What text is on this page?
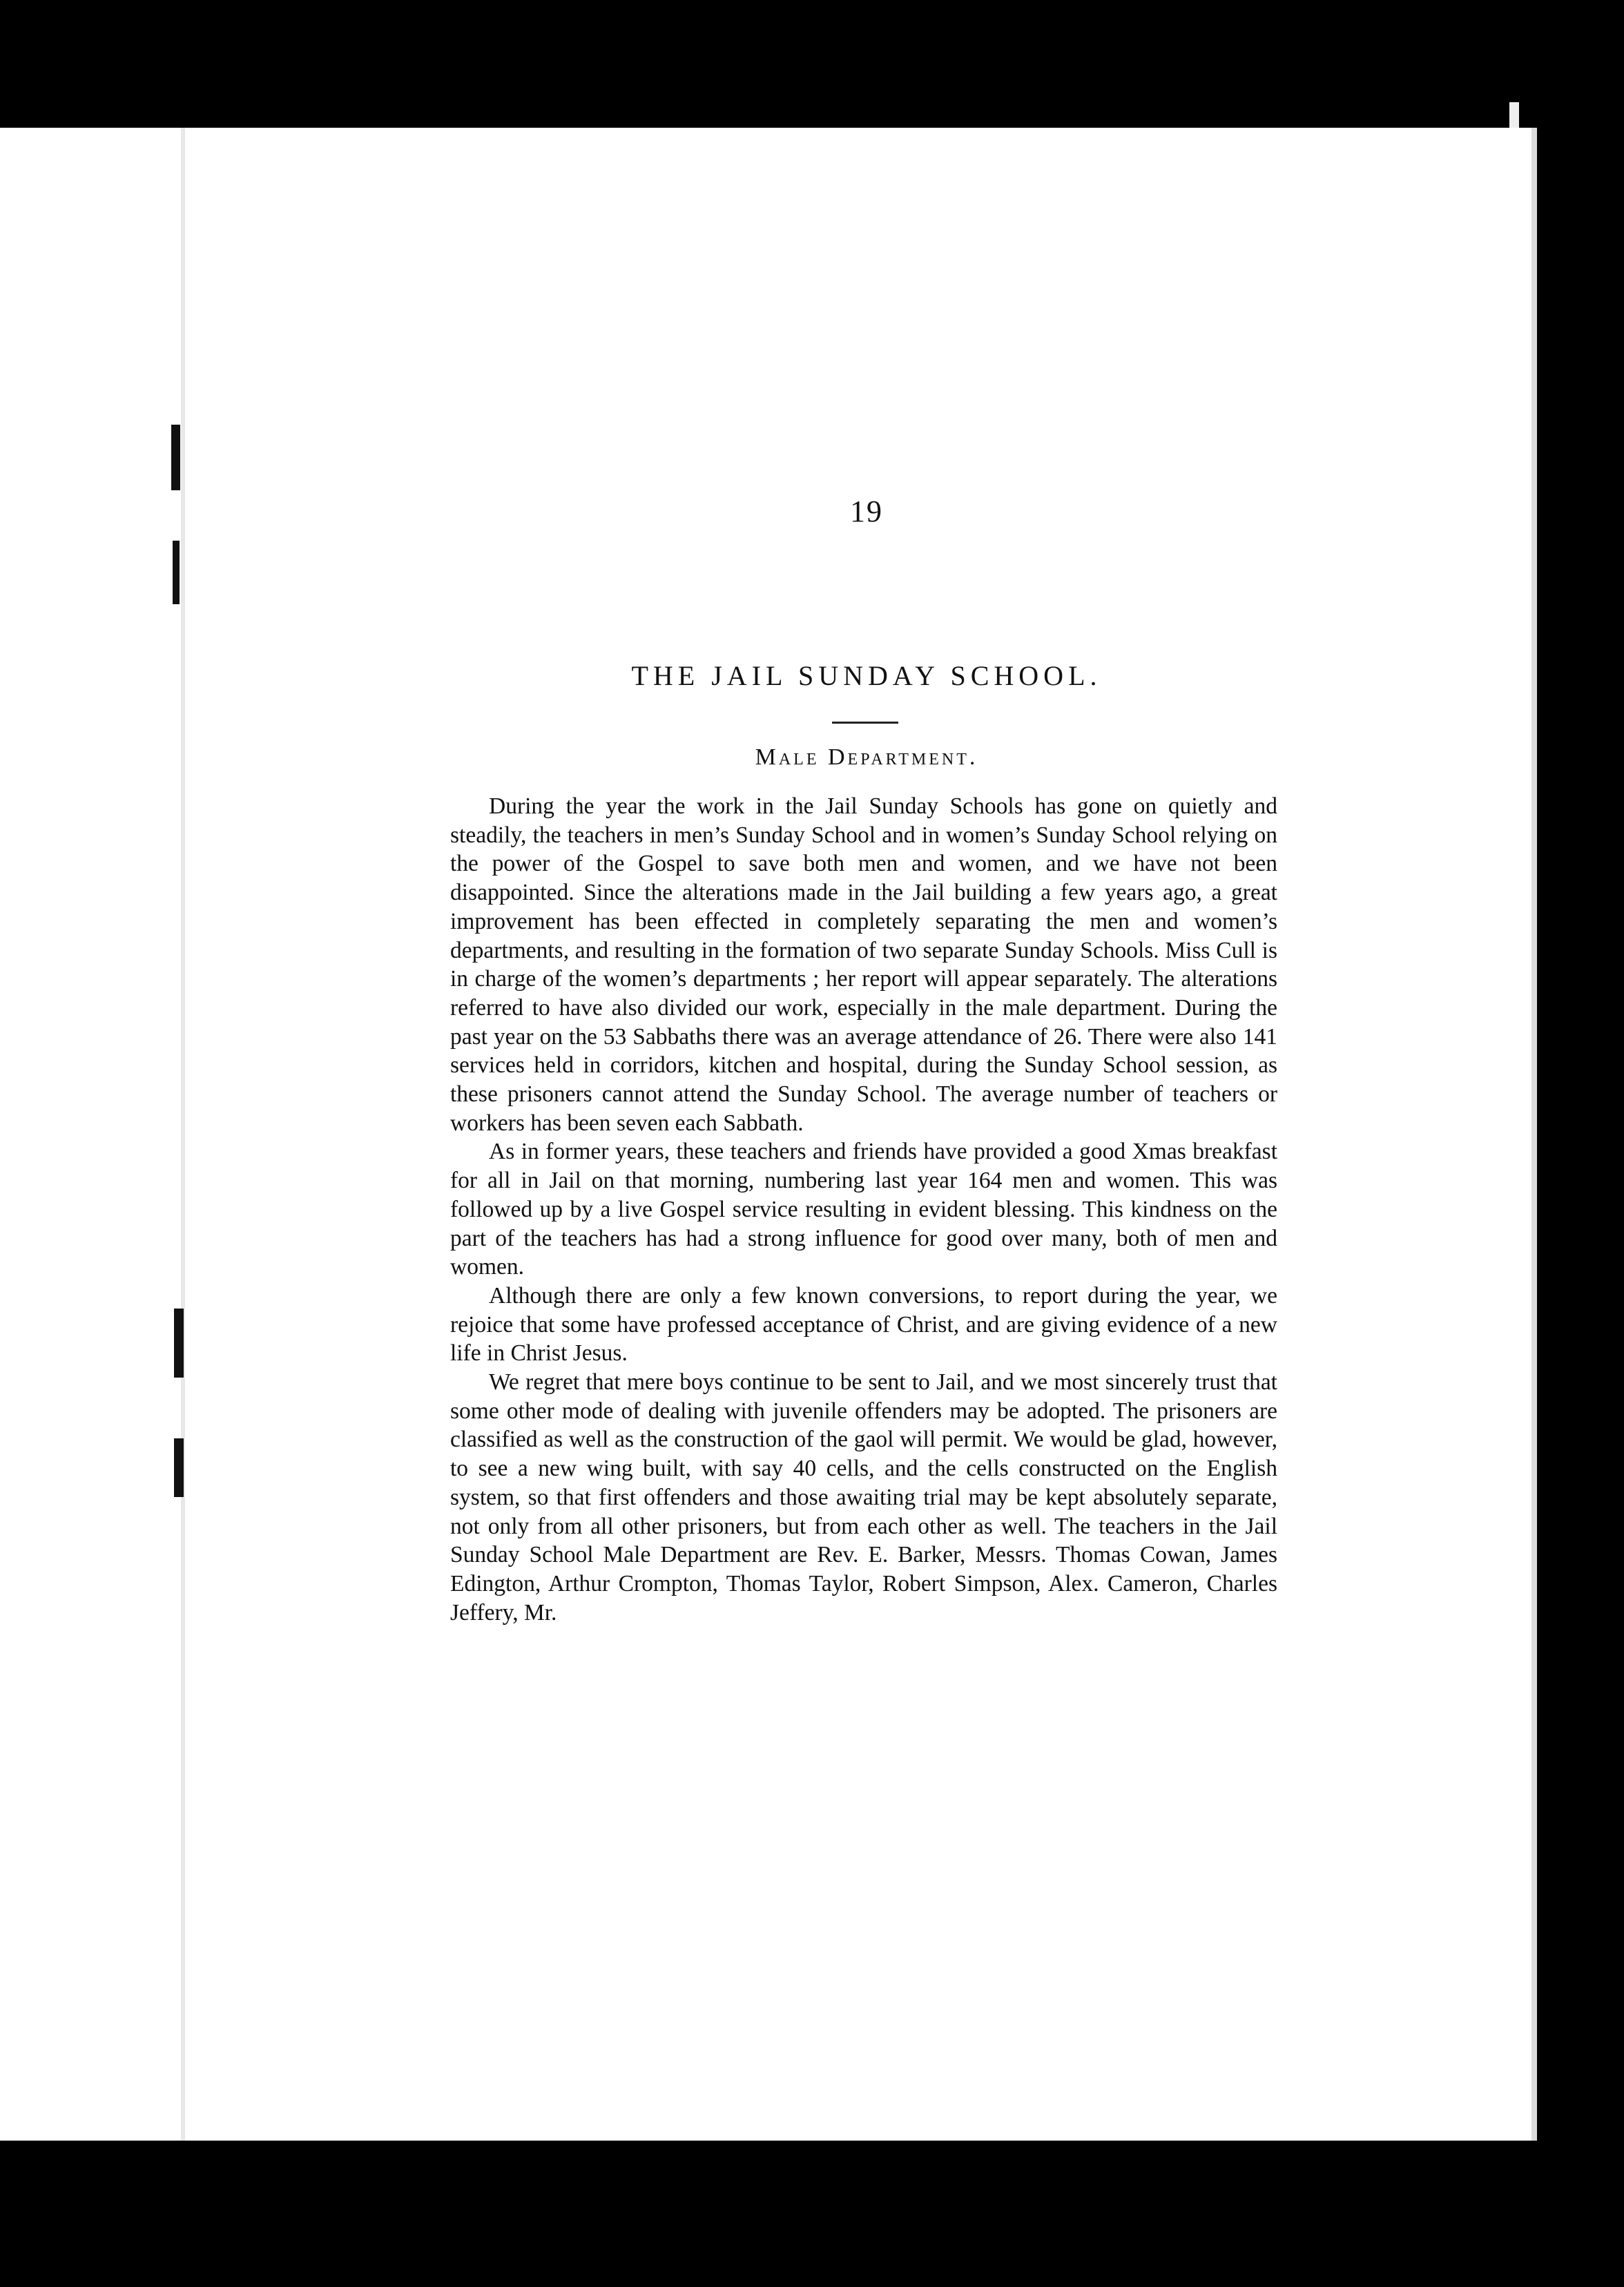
19
THE JAIL SUNDAY SCHOOL.
Male Department.

During the year the work in the Jail Sunday Schools has gone on quietly and steadily, the teachers in men’s Sunday School and in women’s Sunday School relying on the power of the Gospel to save both men and women, and we have not been disappointed. Since the alterations made in the Jail building a few years ago, a great improvement has been effected in completely separating the men and women’s departments, and resulting in the formation of two separate Sunday Schools. Miss Cull is in charge of the women’s departments ; her report will appear separately. The alterations referred to have also divided our work, especially in the male department. During the past year on the 53 Sabbaths there was an average attendance of 26. There were also 141 services held in corridors, kitchen and hospital, during the Sunday School session, as these prisoners cannot attend the Sunday School. The average number of teachers or workers has been seven each Sabbath.

As in former years, these teachers and friends have provided a good Xmas breakfast for all in Jail on that morning, numbering last year 164 men and women. This was followed up by a live Gospel service resulting in evident blessing. This kindness on the part of the teachers has had a strong influence for good over many, both of men and women.

Although there are only a few known conversions, to report during the year, we rejoice that some have professed acceptance of Christ, and are giving evidence of a new life in Christ Jesus.

We regret that mere boys continue to be sent to Jail, and we most sincerely trust that some other mode of dealing with juvenile offenders may be adopted. The prisoners are classified as well as the construction of the gaol will permit. We would be glad, however, to see a new wing built, with say 40 cells, and the cells constructed on the English system, so that first offenders and those awaiting trial may be kept absolutely separate, not only from all other prisoners, but from each other as well. The teachers in the Jail Sunday School Male Department are Rev. E. Barker, Messrs. Thomas Cowan, James Edington, Arthur Crompton, Thomas Taylor, Robert Simpson, Alex. Cameron, Charles Jeffery, Mr.
